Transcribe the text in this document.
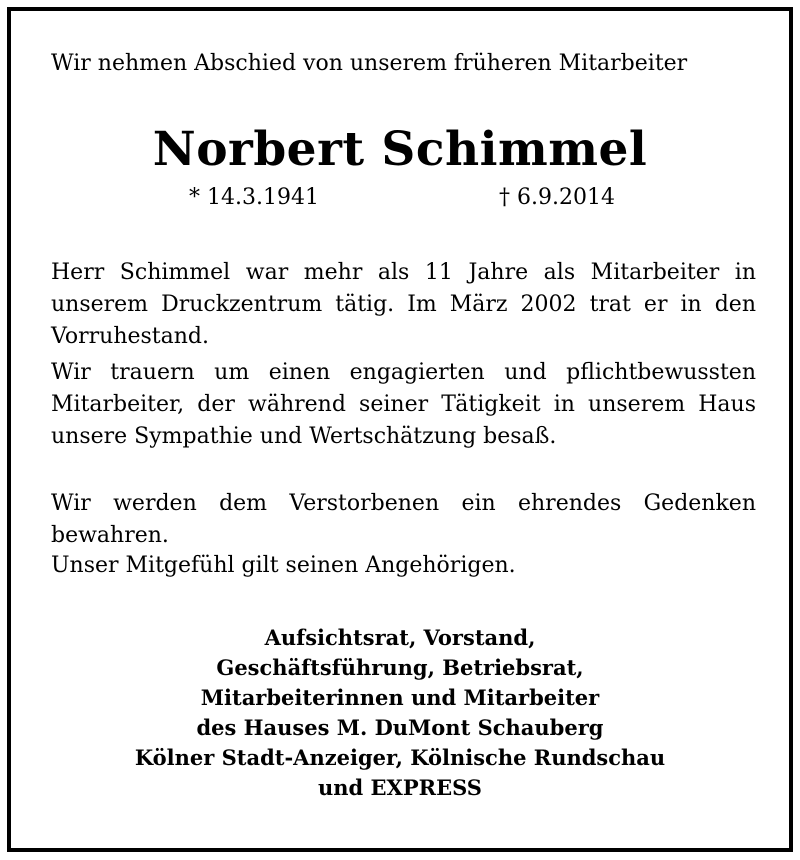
Wir nehmen Abschied von unserem früheren Mitarbeiter
Norbert Schimmel
* 14.3.1941	† 6.9.2014
Herr Schimmel war mehr als 11 Jahre als Mitarbeiter in unserem Druckzentrum tätig. Im März 2002 trat er in den Vorruhestand.
Wir trauern um einen engagierten und pflichtbewussten Mitarbeiter, der während seiner Tätigkeit in unserem Haus unsere Sympathie und Wertschätzung besaß.
Wir werden dem Verstorbenen ein ehrendes Gedenken bewahren.
Unser Mitgefühl gilt seinen Angehörigen.
Aufsichtsrat, Vorstand,
Geschäftsführung, Betriebsrat,
Mitarbeiterinnen und Mitarbeiter
des Hauses M. DuMont Schauberg
Kölner Stadt-Anzeiger, Kölnische Rundschau
und EXPRESS
